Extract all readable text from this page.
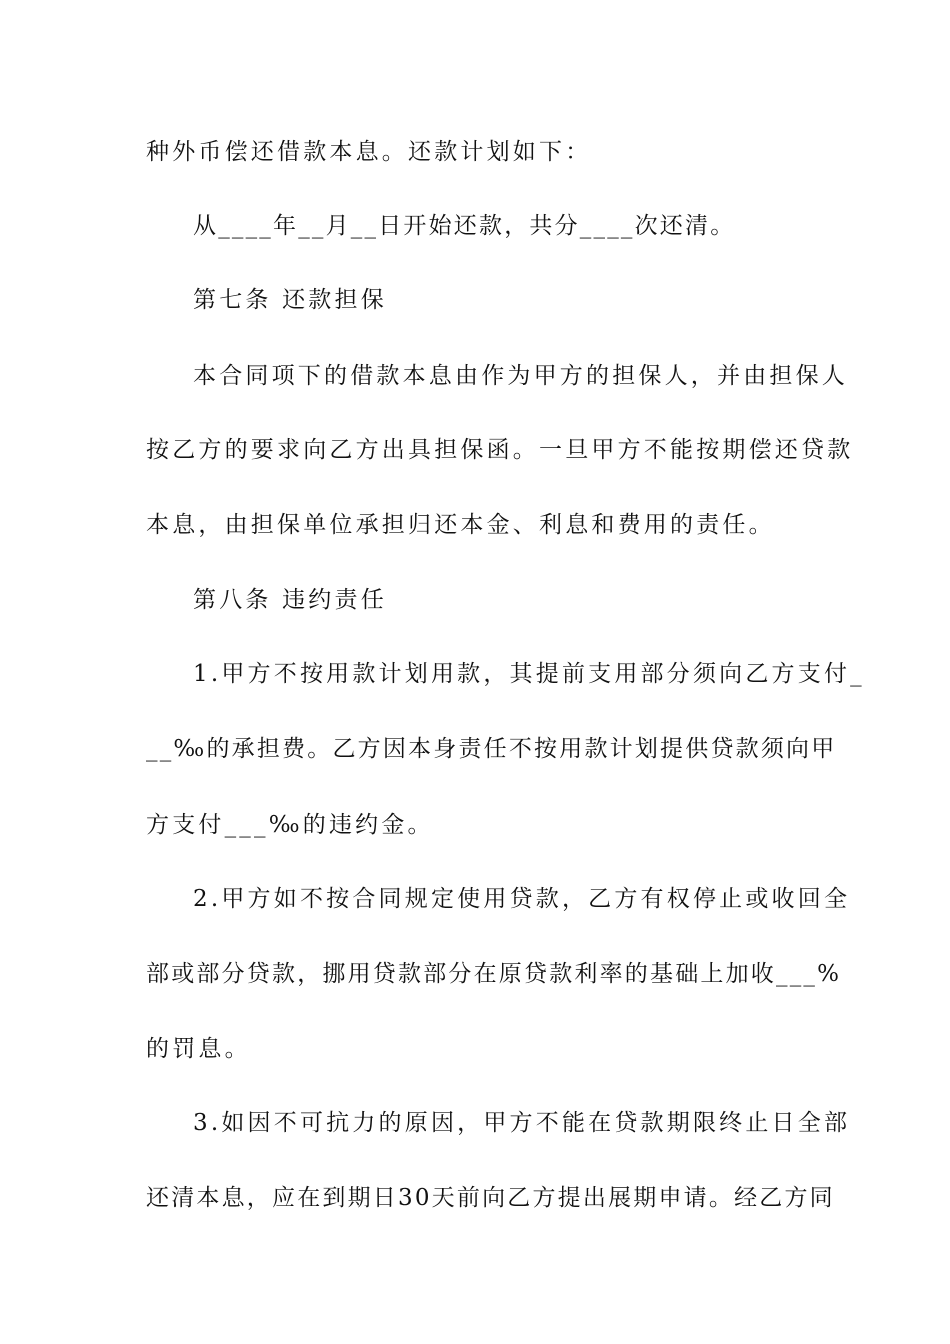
种外币偿还借款本息。还款计划如下：
从____年__月__日开始还款，共分____次还清。
第七条 还款担保
本合同项下的借款本息由作为甲方的担保人，并由担保人
按乙方的要求向乙方出具担保函。一旦甲方不能按期偿还贷款
本息，由担保单位承担归还本金、利息和费用的责任。
第八条 违约责任
1.甲方不按用款计划用款，其提前支用部分须向乙方支付_
__‰的承担费。乙方因本身责任不按用款计划提供贷款须向甲
方支付___‰的违约金。
2.甲方如不按合同规定使用贷款，乙方有权停止或收回全
部或部分贷款，挪用贷款部分在原贷款利率的基础上加收___%
的罚息。
3.如因不可抗力的原因，甲方不能在贷款期限终止日全部
还清本息，应在到期日30天前向乙方提出展期申请。经乙方同
